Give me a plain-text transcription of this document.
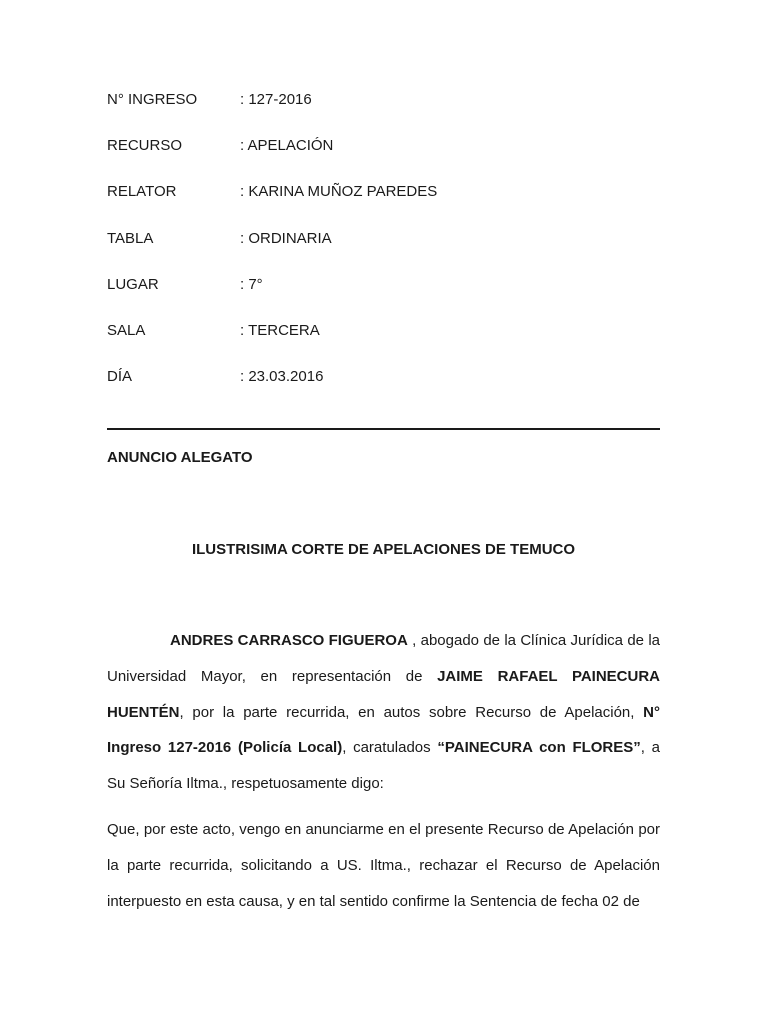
N° INGRESO	: 127-2016
RECURSO	: APELACIÓN
RELATOR	: KARINA MUÑOZ PAREDES
TABLA	: ORDINARIA
LUGAR	: 7°
SALA	: TERCERA
DÍA	: 23.03.2016
ANUNCIO ALEGATO
ILUSTRISIMA CORTE DE APELACIONES DE TEMUCO
ANDRES CARRASCO FIGUEROA , abogado de la Clínica Jurídica de la Universidad Mayor, en representación de JAIME RAFAEL PAINECURA HUENTÉN, por la parte recurrida, en autos sobre Recurso de Apelación, N° Ingreso 127-2016 (Policía Local), caratulados “PAINECURA con FLORES”, a Su Señoría Iltma., respetuosamente digo:
Que, por este acto, vengo en anunciarme en el presente Recurso de Apelación por la parte recurrida, solicitando a US. Iltma., rechazar el Recurso de Apelación interpuesto en esta causa, y en tal sentido confirme la Sentencia de fecha 02 de
